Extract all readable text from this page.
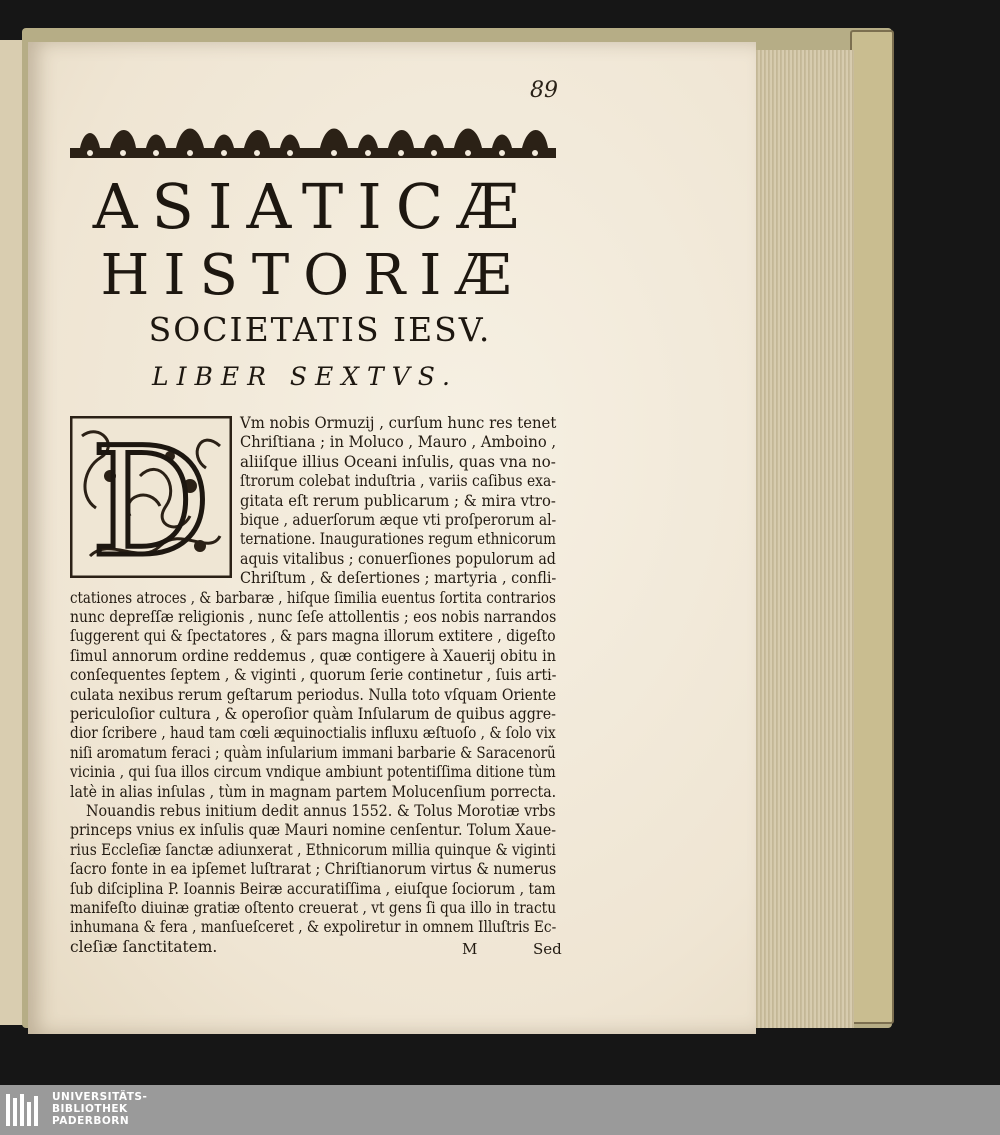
89
ASIATICÆ
HISTORIÆ
SOCIETATIS IESV.
LIBER SEXTVS.
D Vm nobis Ormuzij , curſum hunc res tenet
Chriſtiana ; in Moluco , Mauro , Amboino ,
aliiſque illius Oceani inſulis, quas vna no-
ſtrorum colebat induſtria , variis caſibus exa-
gitata eſt rerum publicarum ; & mira vtro-
bique , aduerſorum æque vti proſperorum al-
ternatione. Inaugurationes regum ethnicorum
aquis vitalibus ; conuerſiones populorum ad
Chriſtum , & deſertiones ; martyria , confli-
ctationes atroces , & barbaræ , hiſque ſimilia euentus ſortita contrarios
nunc depreſſæ religionis , nunc ſeſe attollentis ; eos nobis narrandos
ſuggerent qui & ſpectatores , & pars magna illorum extitere , digeſto
ſimul annorum ordine reddemus , quæ contigere à Xauerij obitu in
conſequentes ſeptem , & viginti , quorum ſerie continetur , ſuis arti-
culata nexibus rerum geſtarum periodus. Nulla toto vſquam Oriente
periculoſior cultura , & operoſior quàm Inſularum de quibus aggre-
dior ſcribere , haud tam cœli æquinoctialis influxu æſtuoſo , & ſolo vix
niſi aromatum feraci ; quàm inſularium immani barbarie & Saracenorũ
vicinia , qui ſua illos circum vndique ambiunt potentiſſima ditione tùm
latè in alias inſulas , tùm in magnam partem Molucenſium porrecta.
Nouandis rebus initium dedit annus 1552. & Tolus Morotiæ vrbs
princeps vnius ex inſulis quæ Mauri nomine cenſentur. Tolum Xaue-
rius Eccleſiæ ſanctæ adiunxerat , Ethnicorum millia quinque & viginti
ſacro fonte in ea ipſemet luſtrarat ; Chriſtianorum virtus & numerus
ſub diſciplina P. Ioannis Beiræ accuratiſſima , eiuſque ſociorum , tam
manifeſto diuinæ gratiæ oſtento creuerat , vt gens ſi qua illo in tractu
inhumana & fera , manſueſceret , & expoliretur in omnem Illuſtris Ec-
cleſiæ ſanctitatem.	M	Sed
UNIVERSITÄTS-
BIBLIOTHEK
PADERBORN
